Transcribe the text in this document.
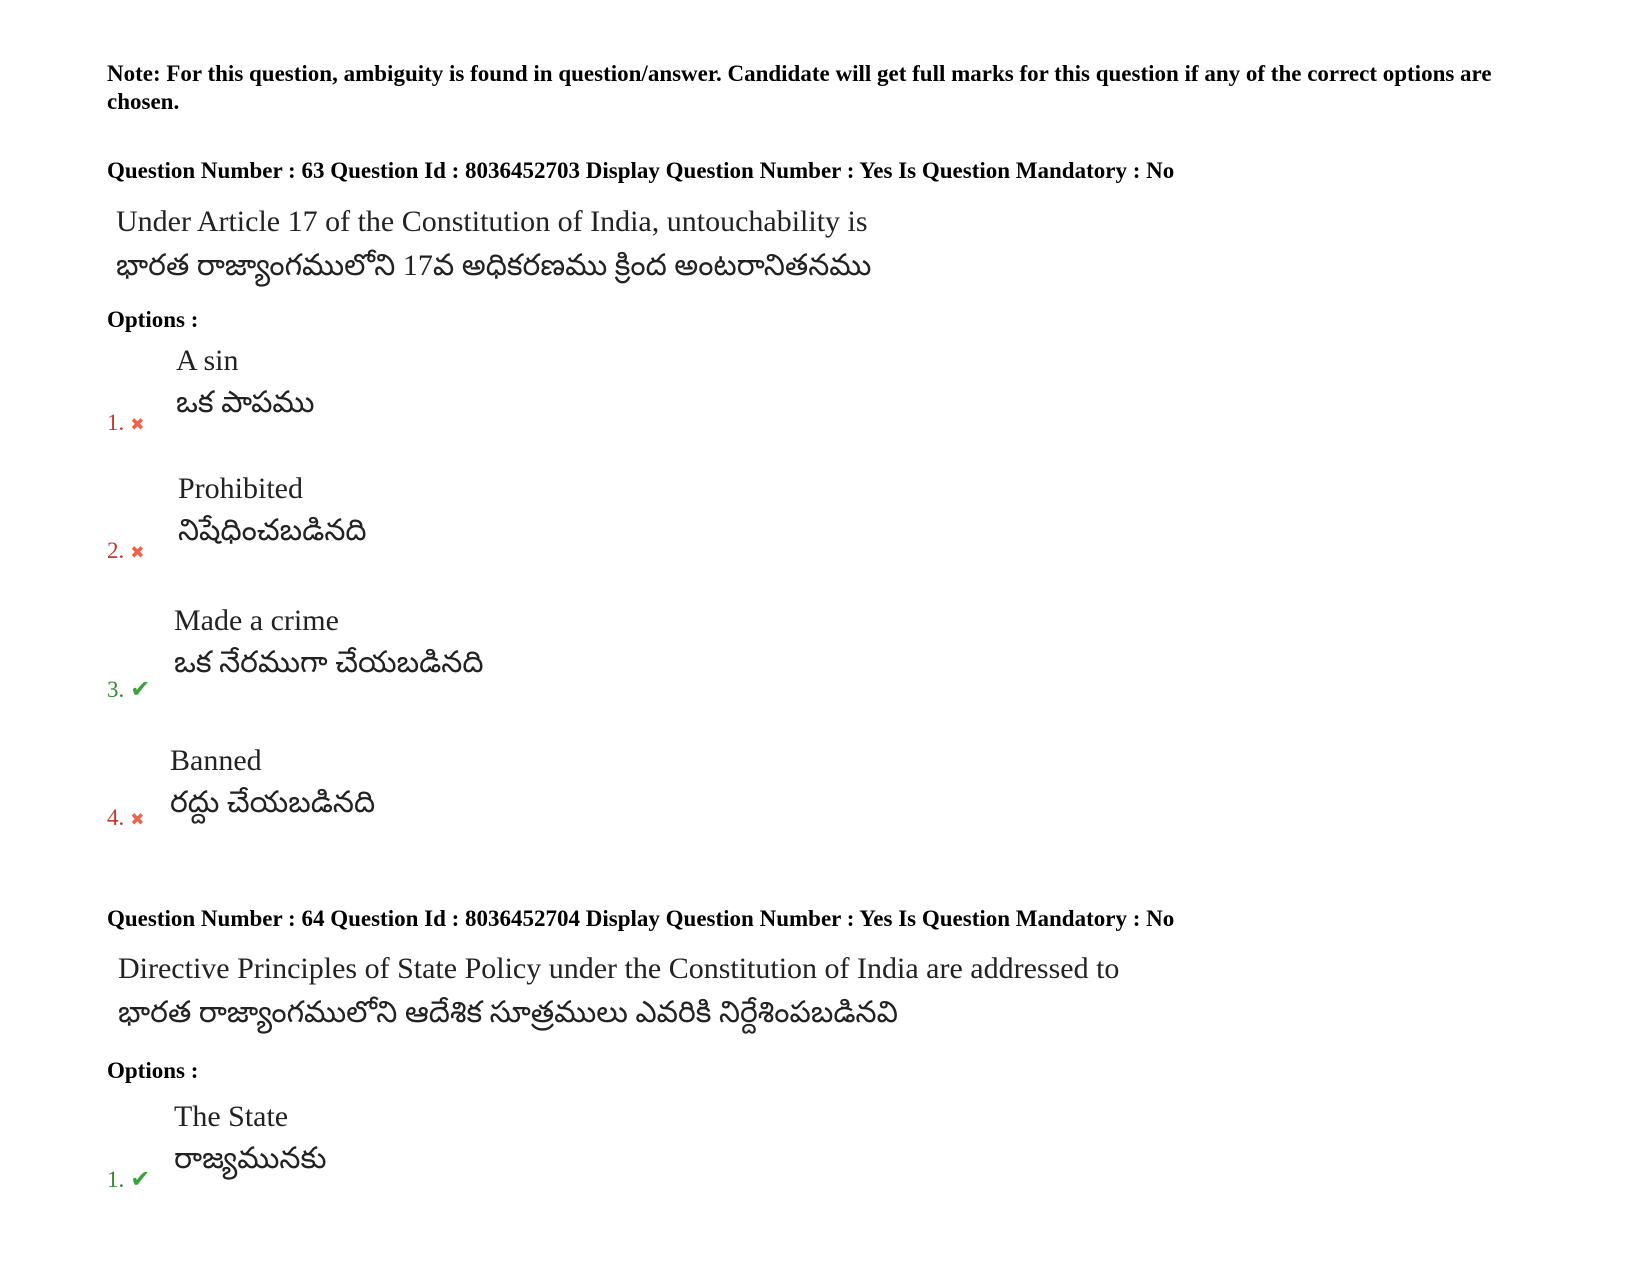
Note: For this question, ambiguity is found in question/answer. Candidate will get full marks for this question if any of the correct options are chosen.
Question Number : 63 Question Id : 8036452703 Display Question Number : Yes Is Question Mandatory : No
Under Article 17 of the Constitution of India, untouchability is
భారత రాజ్యాంగములోని 17వ అధికరణము క్రింద అంటరానితనము
Options :
A sin
ఒక పాపము
1. ✖
Prohibited
నిషేధించబడినది
2. ✖
Made a crime
ఒక నేరముగా చేయబడినది
3. ✔
Banned
రద్దు చేయబడినది
4. ✖
Question Number : 64 Question Id : 8036452704 Display Question Number : Yes Is Question Mandatory : No
Directive Principles of State Policy under the Constitution of India are addressed to
భారత రాజ్యాంగములోని ఆదేశిక సూత్రములు ఎవరికి నిర్దేశింపబడినవి
Options :
The State
రాజ్యమునకు
1. ✔
